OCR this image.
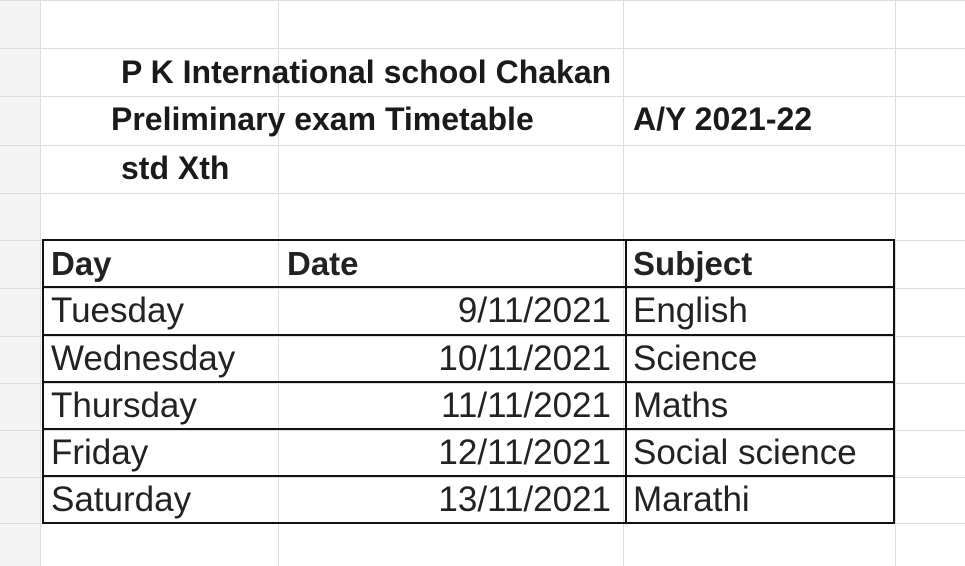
P K International school Chakan
Preliminary exam Timetable	A/Y 2021-22
std Xth
Day	Date	Subject
Tuesday	9/11/2021 English
Wednesday	10/11/2021 Science
Thursday	11/11/2021 Maths
Friday	12/11/2021 Social science
Saturday	13/11/2021 Marathi
